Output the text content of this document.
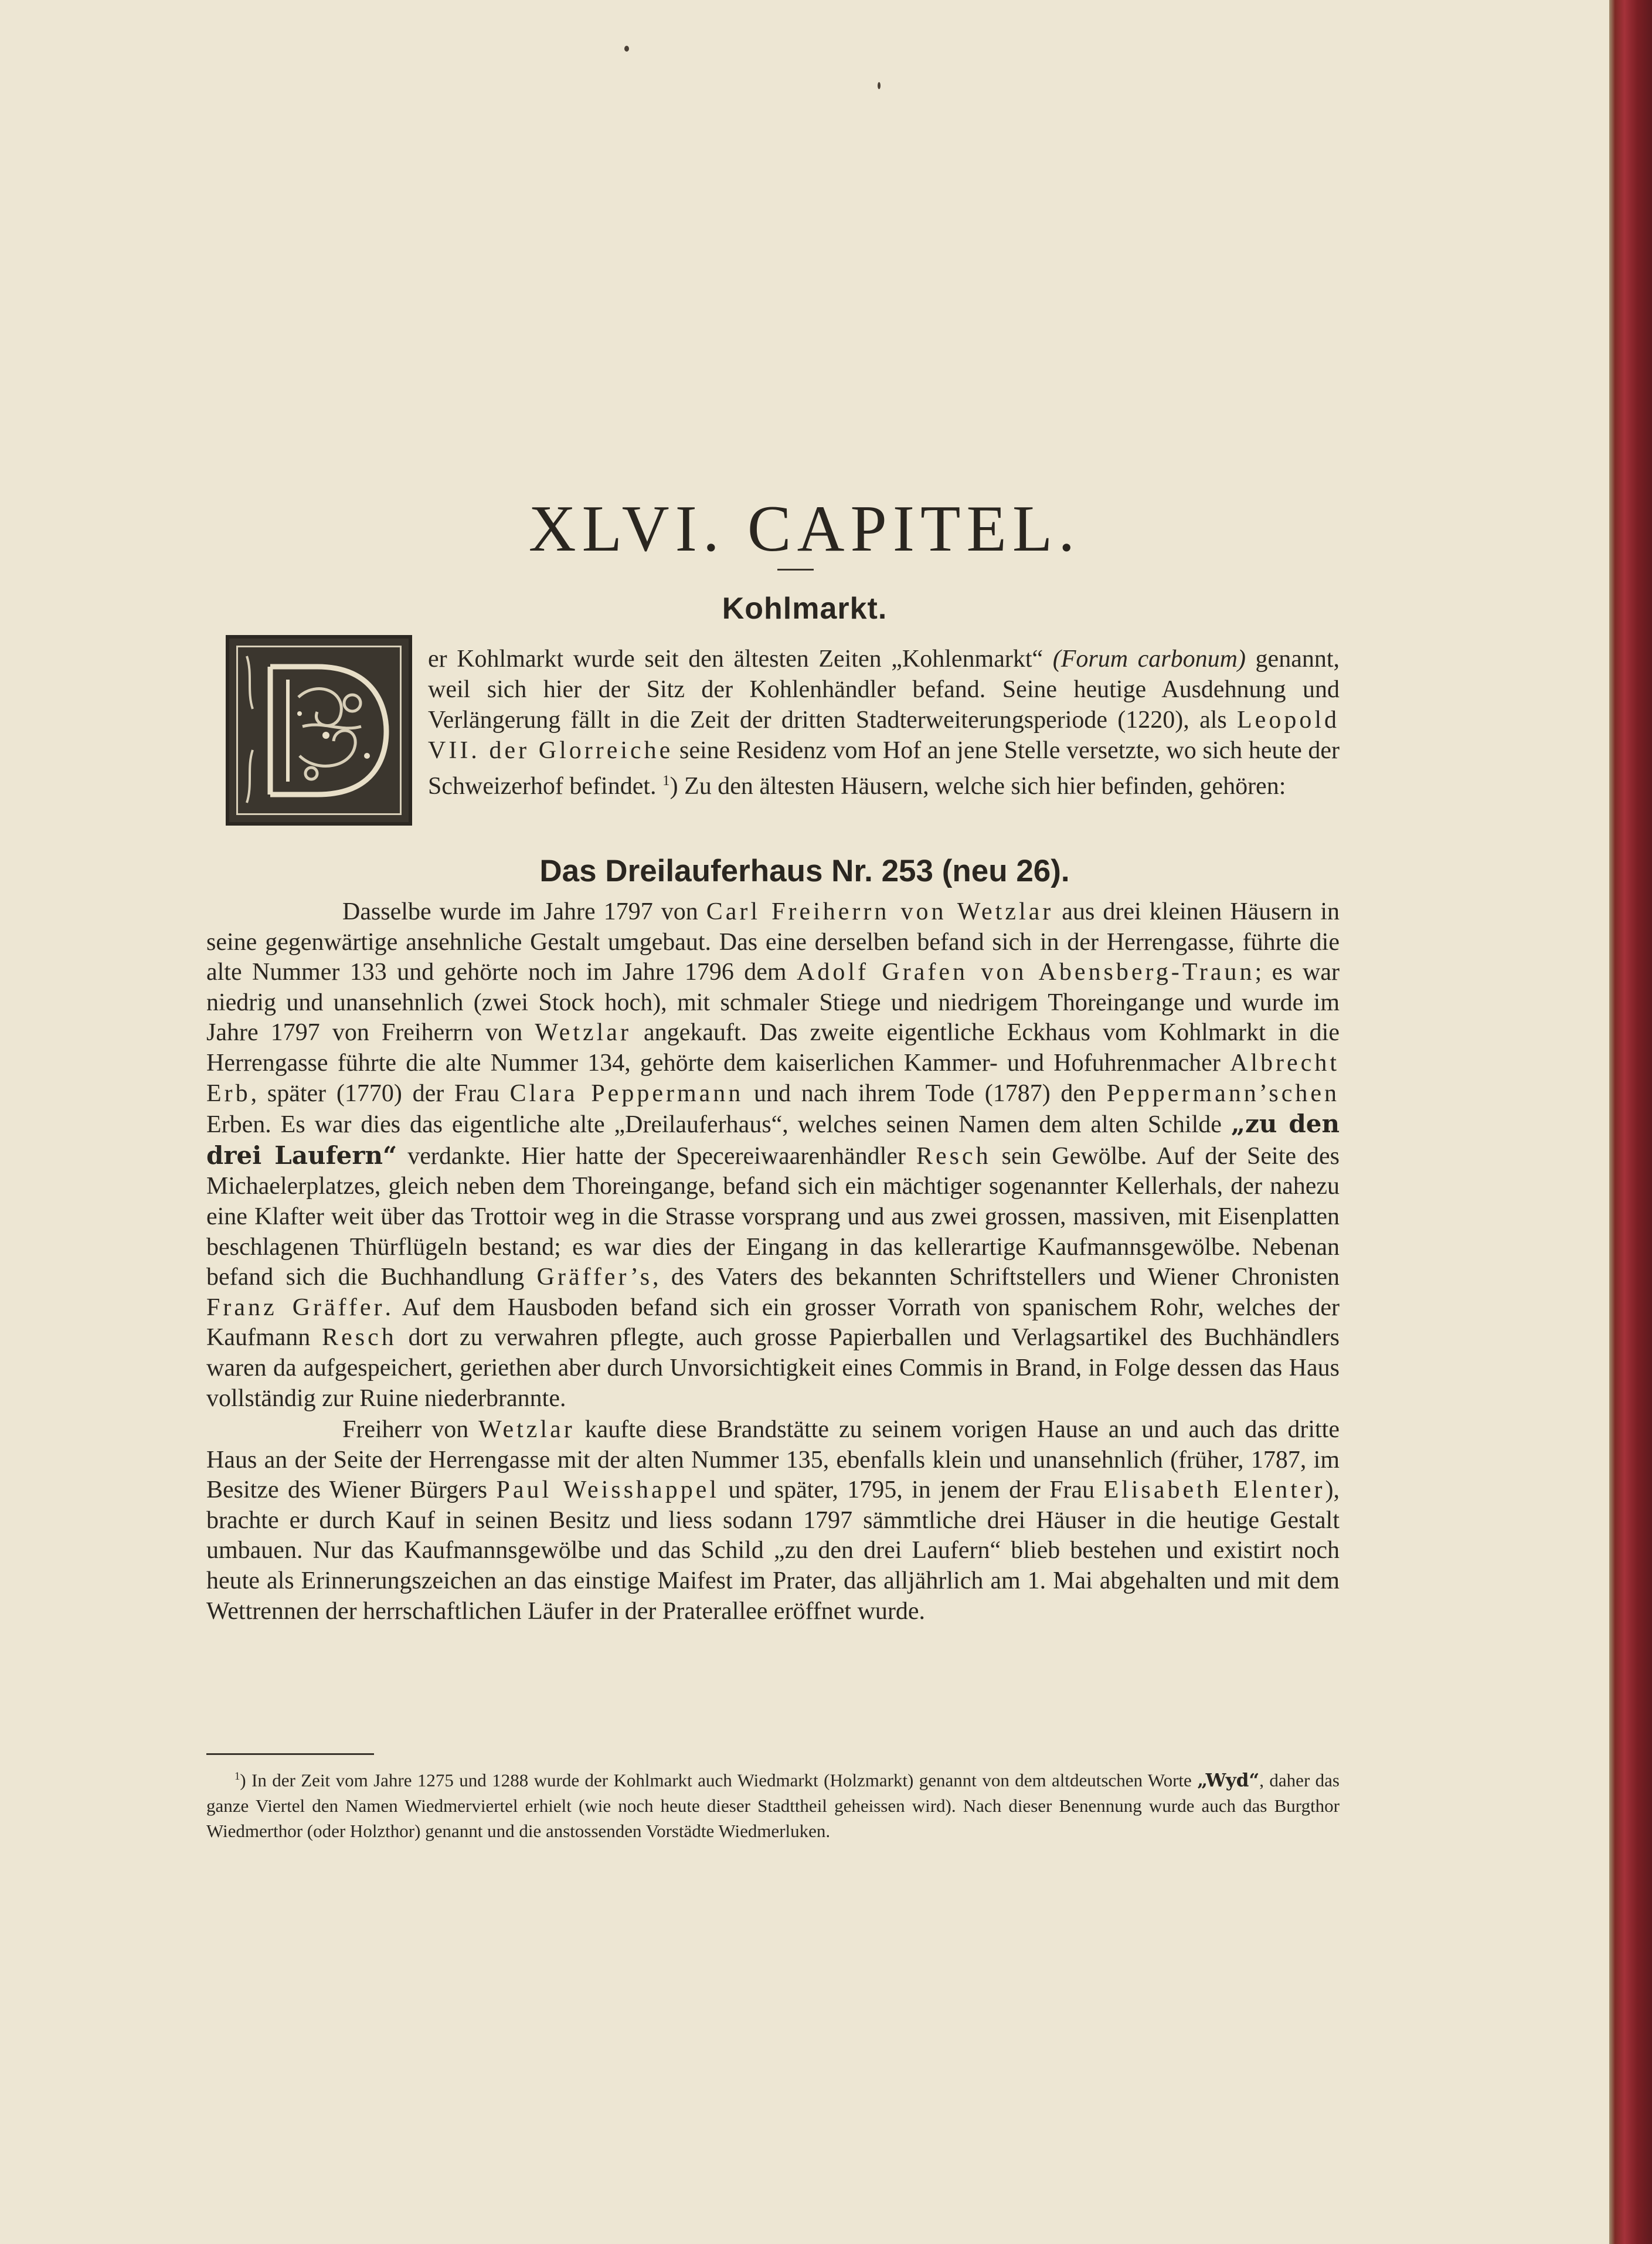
XLVI. CAPITEL.
Kohlmarkt.

er Kohlmarkt wurde seit den ältesten Zeiten „Kohlenmarkt“ (Forum carbonum) genannt, weil sich hier der Sitz der Kohlenhändler befand. Seine heutige Ausdehnung und Verlängerung fällt in die Zeit der dritten Stadterweiterungsperiode (1220), als Leopold VII. der Glorreiche seine Residenz vom Hof an jene Stelle versetzte, wo sich heute der Schweizerhof befindet. $^1$) Zu den ältesten Häusern, welche sich hier befinden, gehören:

Das Dreilauferhaus Nr. 253 (neu 26).

Dasselbe wurde im Jahre 1797 von Carl Freiherrn von Wetzlar aus drei kleinen Häusern in seine gegenwärtige ansehnliche Gestalt umgebaut. Das eine derselben befand sich in der Herrengasse, führte die alte Nummer 133 und gehörte noch im Jahre 1796 dem Adolf Grafen von Abensberg-Traun; es war niedrig und unansehnlich (zwei Stock hoch), mit schmaler Stiege und niedrigem Thoreingange und wurde im Jahre 1797 von Freiherrn von Wetzlar angekauft. Das zweite eigentliche Eckhaus vom Kohlmarkt in die Herrengasse führte die alte Nummer 134, gehörte dem kaiserlichen Kammer- und Hofuhrenmacher Albrecht Erb, später (1770) der Frau Clara Peppermann und nach ihrem Tode (1787) den Peppermann’schen Erben. Es war dies das eigentliche alte „Dreilauferhaus“, welches seinen Namen dem alten Schilde „zu den drei Laufern“ verdankte. Hier hatte der Specereiwaarenhändler Resch sein Gewölbe. Auf der Seite des Michaelerplatzes, gleich neben dem Thoreingange, befand sich ein mächtiger sogenannter Kellerhals, der nahezu eine Klafter weit über das Trottoir weg in die Strasse vorsprang und aus zwei grossen, massiven, mit Eisenplatten beschlagenen Thürflügeln bestand; es war dies der Eingang in das kellerartige Kaufmannsgewölbe. Nebenan befand sich die Buchhandlung Gräffer’s, des Vaters des bekannten Schriftstellers und Wiener Chronisten Franz Gräffer. Auf dem Hausboden befand sich ein grosser Vorrath von spanischem Rohr, welches der Kaufmann Resch dort zu verwahren pflegte, auch grosse Papierballen und Verlagsartikel des Buchhändlers waren da aufgespeichert, geriethen aber durch Unvorsichtigkeit eines Commis in Brand, in Folge dessen das Haus vollständig zur Ruine niederbrannte.

Freiherr von Wetzlar kaufte diese Brandstätte zu seinem vorigen Hause an und auch das dritte Haus an der Seite der Herrengasse mit der alten Nummer 135, ebenfalls klein und unansehnlich (früher, 1787, im Besitze des Wiener Bürgers Paul Weisshappel und später, 1795, in jenem der Frau Elisabeth Elenter), brachte er durch Kauf in seinen Besitz und liess sodann 1797 sämmtliche drei Häuser in die heutige Gestalt umbauen. Nur das Kaufmannsgewölbe und das Schild „zu den drei Laufern“ blieb bestehen und existirt noch heute als Erinnerungszeichen an das einstige Maifest im Prater, das alljährlich am 1. Mai abgehalten und mit dem Wettrennen der herrschaftlichen Läufer in der Praterallee eröffnet wurde.

$^1$) In der Zeit vom Jahre 1275 und 1288 wurde der Kohlmarkt auch Wiedmarkt (Holzmarkt) genannt von dem altdeutschen Worte „Wyd“, daher das ganze Viertel den Namen Wiedmerviertel erhielt (wie noch heute dieser Stadttheil geheissen wird). Nach dieser Benennung wurde auch das Burgthor Wiedmerthor (oder Holzthor) genannt und die anstossenden Vorstädte Wiedmerluken.
